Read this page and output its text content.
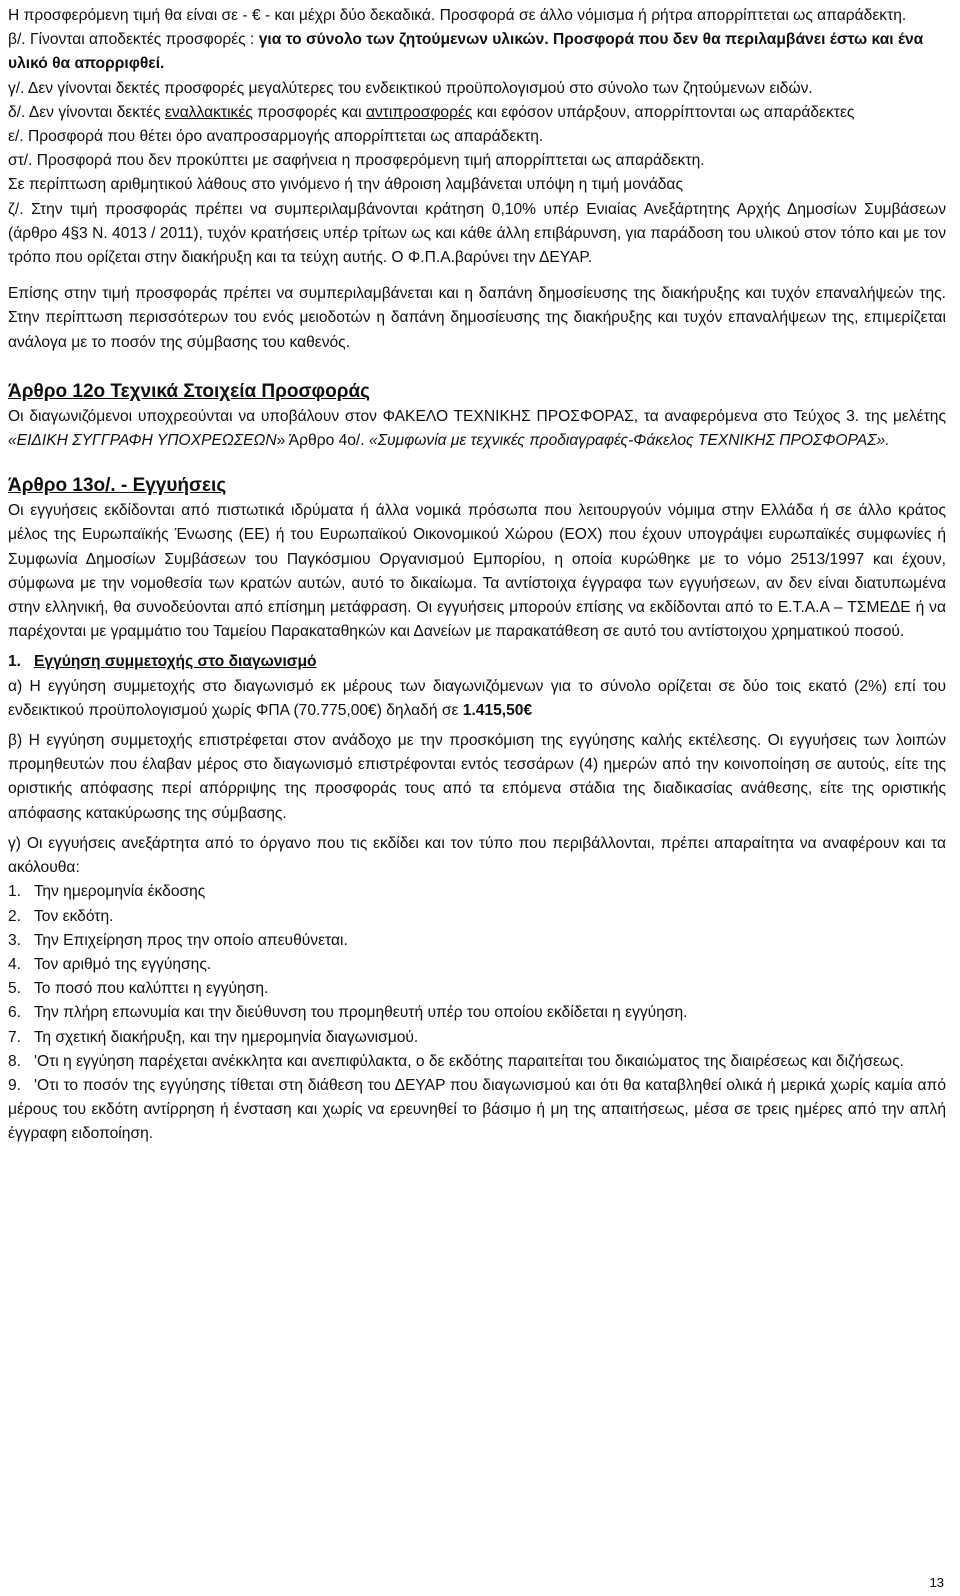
Η προσφερόμενη τιμή θα είναι σε - € - και μέχρι δύο δεκαδικά. Προσφορά σε άλλο νόμισμα ή ρήτρα απορρίπτεται ως απαράδεκτη.

β/. Γίνονται αποδεκτές προσφορές : για το σύνολο των ζητούμενων υλικών. Προσφορά που δεν θα περιλαμβάνει έστω και ένα υλικό θα απορριφθεί.

γ/. Δεν γίνονται δεκτές προσφορές μεγαλύτερες του ενδεικτικού προϋπολογισμού στο σύνολο των ζητούμενων ειδών.

δ/. Δεν γίνονται δεκτές εναλλακτικές προσφορές και αντιπροσφορές και εφόσον υπάρξουν, απορρίπτονται ως απαράδεκτες

ε/. Προσφορά που θέτει όρο αναπροσαρμογής απορρίπτεται ως απαράδεκτη.

στ/. Προσφορά που δεν προκύπτει με σαφήνεια η προσφερόμενη τιμή απορρίπτεται ως απαράδεκτη.

Σε περίπτωση αριθμητικού λάθους στο γινόμενο ή την άθροιση λαμβάνεται υπόψη η τιμή μονάδας

ζ/. Στην τιμή προσφοράς πρέπει να συμπεριλαμβάνονται κράτηση 0,10% υπέρ Ενιαίας Ανεξάρτητης Αρχής Δημοσίων Συμβάσεων (άρθρο 4§3 Ν. 4013 / 2011), τυχόν κρατήσεις υπέρ τρίτων ως και κάθε άλλη επιβάρυνση, για παράδοση του υλικού στον τόπο και με τον τρόπο που ορίζεται στην διακήρυξη και τα τεύχη αυτής. Ο Φ.Π.Α.βαρύνει την ΔΕΥΑΡ.

Επίσης στην τιμή προσφοράς πρέπει να συμπεριλαμβάνεται και η δαπάνη δημοσίευσης της διακήρυξης και τυχόν επαναλήψεών της. Στην περίπτωση περισσότερων του ενός μειοδοτών η δαπάνη δημοσίευσης της διακήρυξης και τυχόν επαναλήψεων της, επιμερίζεται ανάλογα με το ποσόν της σύμβασης του καθενός.

Άρθρο 12ο Τεχνικά Στοιχεία Προσφοράς

Οι διαγωνιζόμενοι υποχρεούνται να υποβάλουν στον ΦΑΚΕΛΟ ΤΕΧΝΙΚΗΣ ΠΡΟΣΦΟΡΑΣ, τα αναφερόμενα στο Τεύχος 3. της μελέτης «ΕΙΔΙΚΗ ΣΥΓΓΡΑΦΗ ΥΠΟΧΡΕΩΣΕΩΝ» Άρθρο 4ο/. «Συμφωνία με τεχνικές προδιαγραφές-Φάκελος ΤΕΧΝΙΚΗΣ ΠΡΟΣΦΟΡΑΣ».

Άρθρο 13ο/. - Εγγυήσεις

Οι εγγυήσεις εκδίδονται από πιστωτικά ιδρύματα ή άλλα νομικά πρόσωπα που λειτουργούν νόμιμα στην Ελλάδα ή σε άλλο κράτος μέλος της Ευρωπαϊκής Ένωσης (ΕΕ) ή του Ευρωπαϊκού Οικονομικού Χώρου (ΕΟΧ) που έχουν υπογράψει ευρωπαϊκές συμφωνίες ή Συμφωνία Δημοσίων Συμβάσεων του Παγκόσμιου Οργανισμού Εμπορίου, η οποία κυρώθηκε με το νόμο 2513/1997 και έχουν, σύμφωνα με την νομοθεσία των κρατών αυτών, αυτό το δικαίωμα. Τα αντίστοιχα έγγραφα των εγγυήσεων, αν δεν είναι διατυπωμένα στην ελληνική, θα συνοδεύονται από επίσημη μετάφραση. Οι εγγυήσεις μπορούν επίσης να εκδίδονται από το Ε.Τ.Α.Α – ΤΣΜΕΔΕ ή να παρέχονται με γραμμάτιο του Ταμείου Παρακαταθηκών και Δανείων με παρακατάθεση σε αυτό του αντίστοιχου χρηματικού ποσού.

1. Εγγύηση συμμετοχής στο διαγωνισμό

α) Η εγγύηση συμμετοχής στο διαγωνισμό εκ μέρους των διαγωνιζόμενων για το σύνολο ορίζεται σε δύο τοις εκατό (2%) επί του ενδεικτικού προϋπολογισμού χωρίς ΦΠΑ (70.775,00€) δηλαδή σε 1.415,50€

β) Η εγγύηση συμμετοχής επιστρέφεται στον ανάδοχο με την προσκόμιση της εγγύησης καλής εκτέλεσης. Οι εγγυήσεις των λοιπών προμηθευτών που έλαβαν μέρος στο διαγωνισμό επιστρέφονται εντός τεσσάρων (4) ημερών από την κοινοποίηση σε αυτούς, είτε της οριστικής απόφασης περί απόρριψης της προσφοράς τους από τα επόμενα στάδια της διαδικασίας ανάθεσης, είτε της οριστικής απόφασης κατακύρωσης της σύμβασης.

γ) Οι εγγυήσεις ανεξάρτητα από το όργανο που τις εκδίδει και τον τύπο που περιβάλλονται, πρέπει απαραίτητα να αναφέρουν και τα ακόλουθα:

1. Την ημερομηνία έκδοσης

2. Τον εκδότη.

3. Την Επιχείρηση προς την οποίο απευθύνεται.

4. Τον αριθμό της εγγύησης.

5. Το ποσό που καλύπτει η εγγύηση.

6. Την πλήρη επωνυμία και την διεύθυνση του προμηθευτή υπέρ του οποίου εκδίδεται η εγγύηση.

7. Τη σχετική διακήρυξη, και την ημερομηνία διαγωνισμού.

8. 'Οτι η εγγύηση παρέχεται ανέκκλητα και ανεπιφύλακτα, ο δε εκδότης παραιτείται του δικαιώματος της διαιρέσεως και διζήσεως.

9. 'Οτι το ποσόν της εγγύησης τίθεται στη διάθεση του ΔΕΥΑΡ που διαγωνισμού και ότι θα καταβληθεί ολικά ή μερικά χωρίς καμία από μέρους του εκδότη αντίρρηση ή ένσταση και χωρίς να ερευνηθεί το βάσιμο ή μη της απαιτήσεως, μέσα σε τρεις ημέρες από την απλή έγγραφη ειδοποίηση.

13
